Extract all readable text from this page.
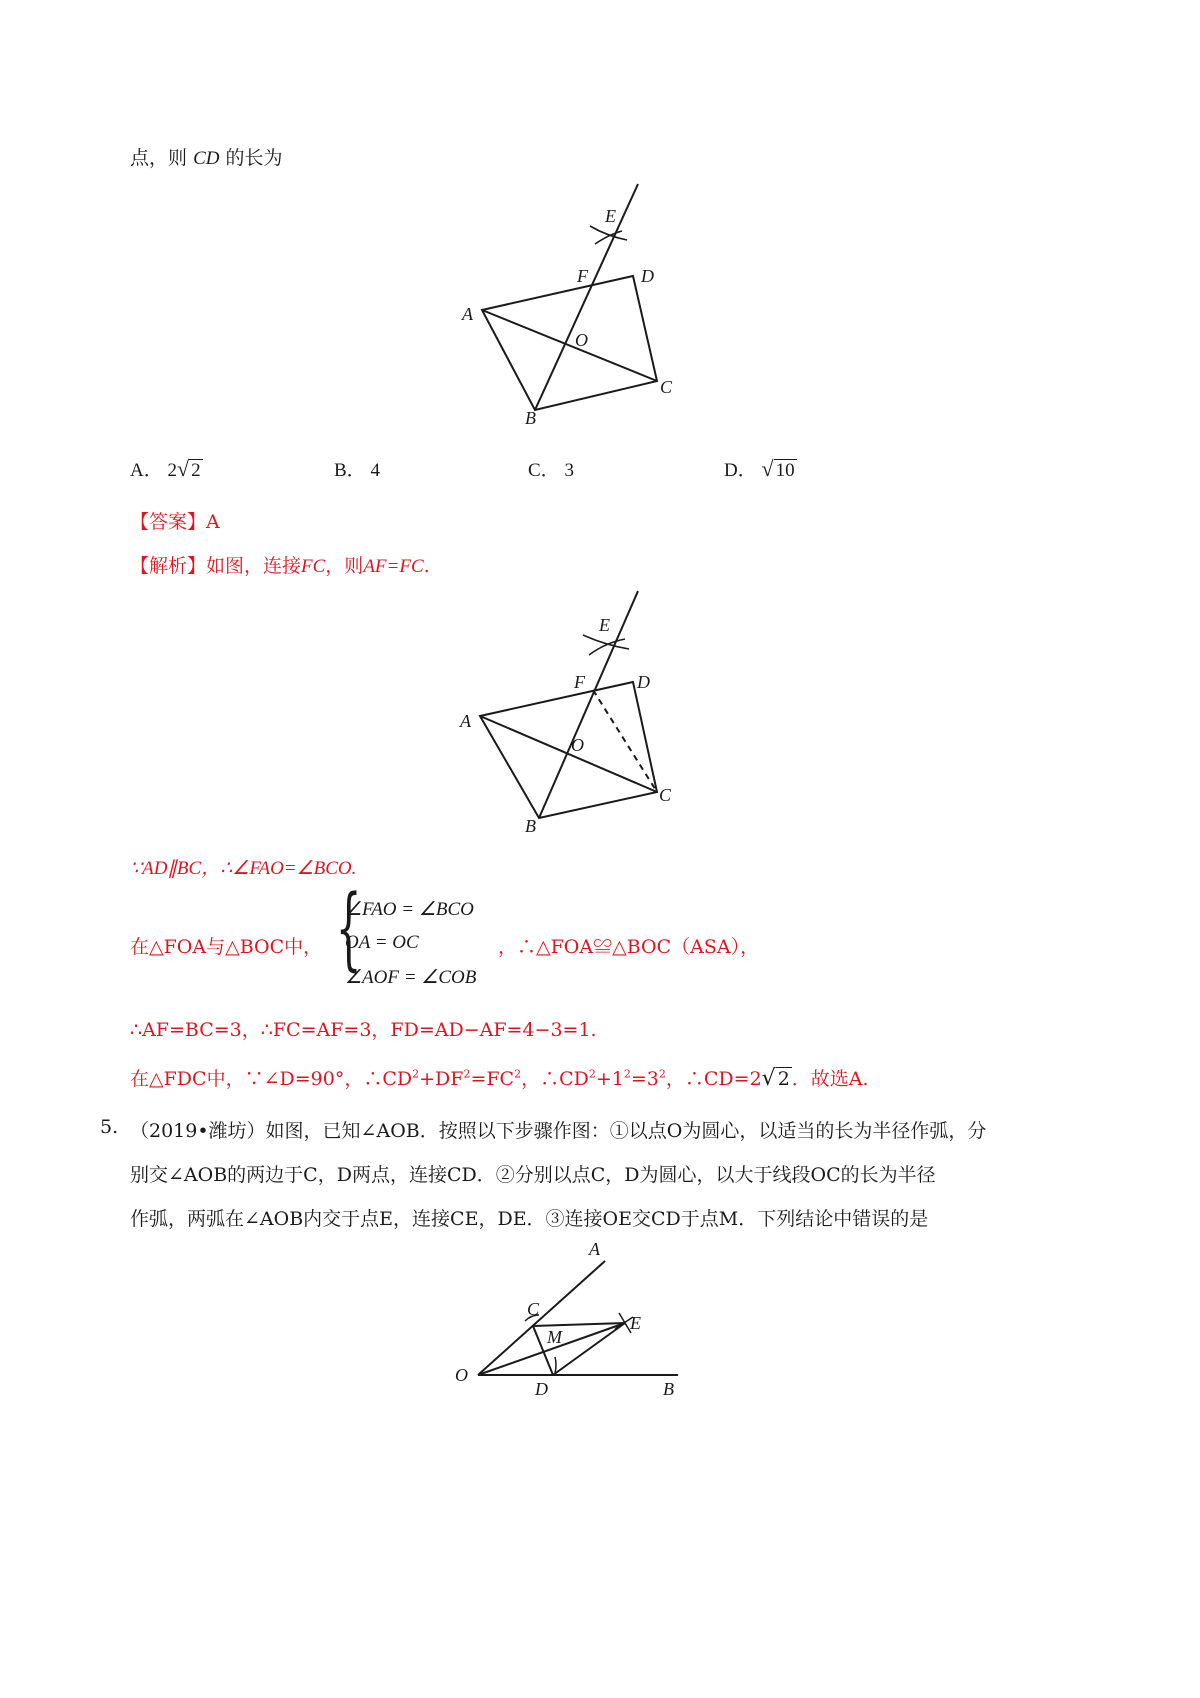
点，则 CD 的长为
E
F	D
A
O
C
B
A． 2√ 2	B． 4	C． 3	D． √ 10
【答案】A
【解析】如图，连接FC，则AF=FC.
E
F	D
A
O
C
B
∵AD∥BC，∴∠FAO=∠BCO.
在△FOA与△BOC中， {
∠FAO = ∠BCO
OA = OC
∠AOF = ∠COB
，∴△FOA≌△BOC（ASA），
∴AF=BC=3，∴FC=AF=3，FD=AD−AF=4−3=1.
在△FDC中，∵∠D=90°，$\therefore CD^2+DF^2=FC^2$，$\therefore CD^2+1^2=3^2$，∴CD=2√ 2 ．故选A.
5. （2019•潍坊）如图，已知∠AOB．按照以下步骤作图：①以点O为圆心，以适当的长为半径作弧，分
别交∠AOB的两边于C，D两点，连接CD．②分别以点C，D为圆心，以大于线段OC的长为半径
作弧，两弧在∠AOB内交于点E，连接CE，DE．③连接OE交CD于点M．下列结论中错误的是
A
C
E
M
O
D	B
